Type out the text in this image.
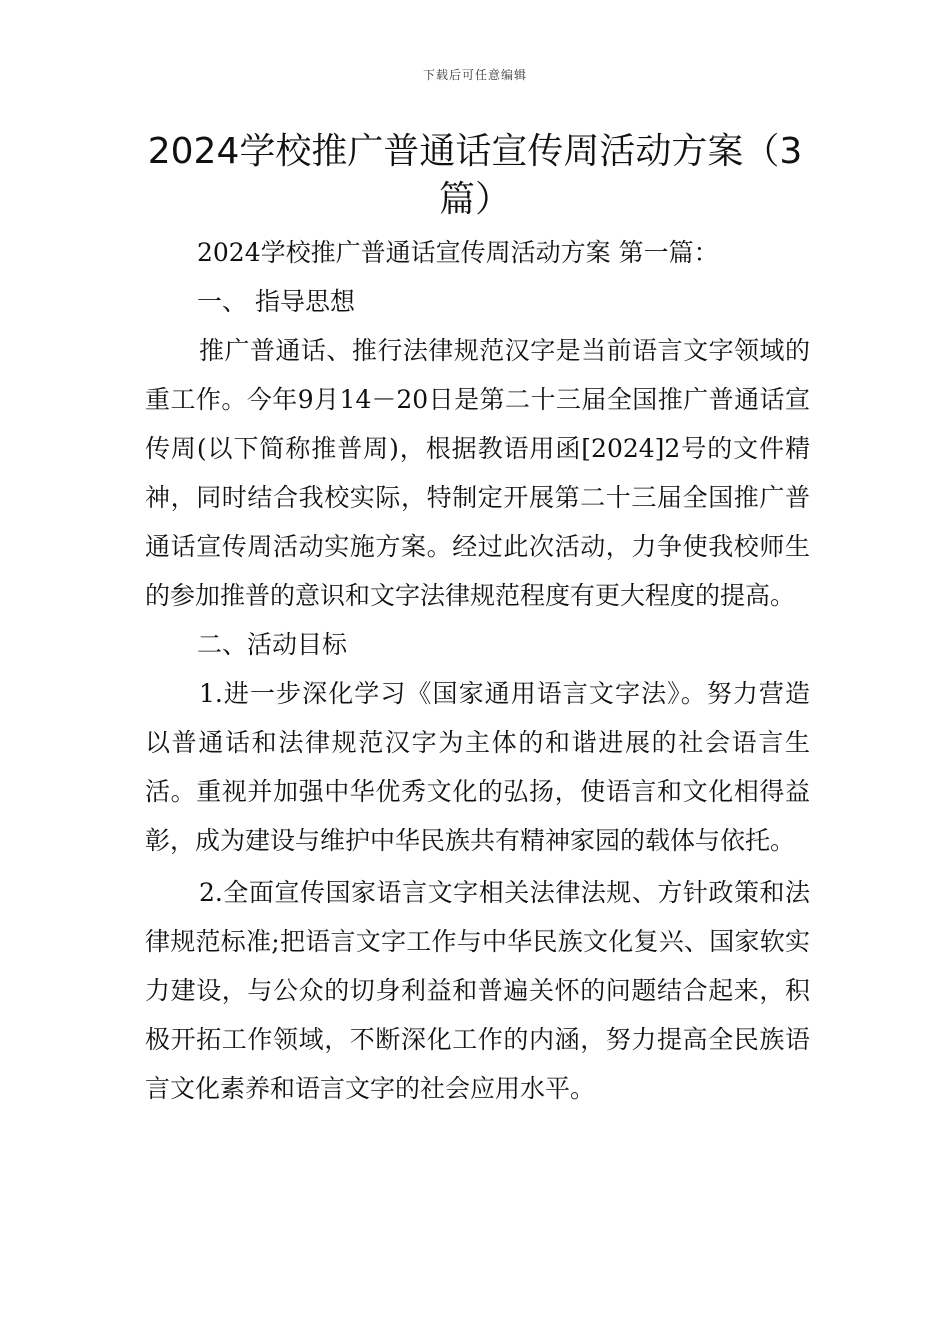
下载后可任意编辑
2024学校推广普通话宣传周活动方案（3篇）

2024学校推广普通话宣传周活动方案 第一篇：

一、 指导思想

推广普通话、推行法律规范汉字是当前语言文字领域的重工作。今年9月14－20日是第二十三届全国推广普通话宣传周(以下简称推普周)，根据教语用函[2024]2号的文件精神，同时结合我校实际，特制定开展第二十三届全国推广普通话宣传周活动实施方案。经过此次活动，力争使我校师生的参加推普的意识和文字法律规范程度有更大程度的提高。

二、活动目标

1.进一步深化学习《国家通用语言文字法》。努力营造以普通话和法律规范汉字为主体的和谐进展的社会语言生活。重视并加强中华优秀文化的弘扬，使语言和文化相得益彰，成为建设与维护中华民族共有精神家园的载体与依托。

2.全面宣传国家语言文字相关法律法规、方针政策和法律规范标准;把语言文字工作与中华民族文化复兴、国家软实力建设，与公众的切身利益和普遍关怀的问题结合起来，积极开拓工作领域，不断深化工作的内涵，努力提高全民族语言文化素养和语言文字的社会应用水平。
